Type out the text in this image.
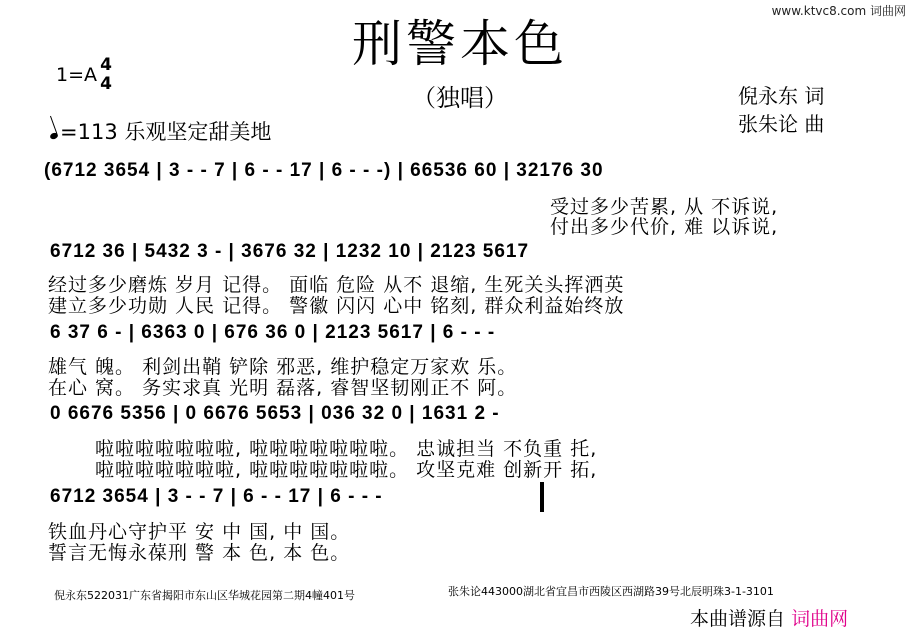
www.ktvc8.com 词曲网
刑警本色
（独唱）
1=A 4
4
=113 乐观坚定甜美地
倪永东 词
张朱论 曲
(6712 3654 | 3 - - 7 | 6 - - 17 | 6 - - -) | 66536 60 | 32176 30
受过多少苦累, 从 不诉说,
付出多少代价, 难 以诉说,
6712 36 | 5432 3 - | 3676 32 | 1232 10 | 2123 5617
经过多少磨炼 岁月 记得。 面临 危险 从不 退缩, 生死关头挥洒英
建立多少功勋 人民 记得。 警徽 闪闪 心中 铭刻, 群众利益始终放
6 37 6 - | 6363 0 | 676 36 0 | 2123 5617 | 6 - - -
雄气 魄。 利剑出鞘 铲除 邪恶, 维护稳定万家欢 乐。
在心 窝。 务实求真 光明 磊落, 睿智坚韧刚正不 阿。
0 6676 5356 | 0 6676 5653 | 036 32 0 | 1631 2 -
啦啦啦啦啦啦啦, 啦啦啦啦啦啦啦。 忠诚担当 不负重 托,
啦啦啦啦啦啦啦, 啦啦啦啦啦啦啦。 攻坚克难 创新开 拓,
6712 3654 | 3 - - 7 | 6 - - 17 | 6 - - -
铁血丹心守护平 安 中 国, 中 国。
誓言无悔永葆刑 警 本 色, 本 色。
倪永东522031广东省揭阳市东山区华城花园第二期4幢401号	张朱论443000湖北省宜昌市西陵区西湖路39号北辰明珠3-1-3101
本曲谱源自 词曲网
